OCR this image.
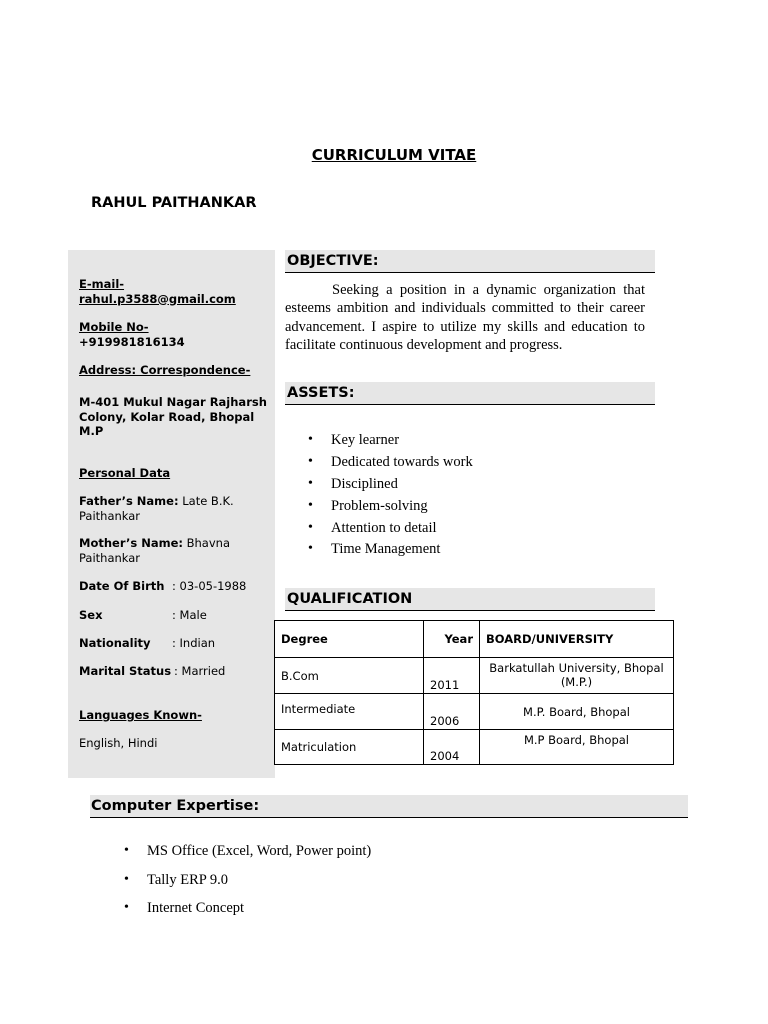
CURRICULUM VITAE
RAHUL PAITHANKAR
E-mail-
rahul.p3588@gmail.com
Mobile No-
+919981816134
Address: Correspondence-
M-401 Mukul Nagar Rajharsh
Colony, Kolar Road, Bhopal
M.P
Personal Data
Father’s Name: Late B.K.
Paithankar
Mother’s Name: Bhavna
Paithankar
Date Of Birth : 03-05-1988
Sex	: Male
Nationality : Indian
Marital Status : Married
Languages Known-
English, Hindi
OBJECTIVE:
Seeking a position in a dynamic organization that esteems ambition and individuals committed to their career advancement. I aspire to utilize my skills and education to facilitate continuous development and progress.
ASSETS:
• Key learner
• Dedicated towards work
• Disciplined
• Problem-solving
• Attention to detail
• Time Management
QUALIFICATION
Degree	Year	BOARD/UNIVERSITY
B.Com	2011	Barkatullah University, Bhopal
(M.P.)

Intermediate	2006	M.P. Board, Bhopal
Matriculation	2004	M.P Board, Bhopal
Computer Expertise:
• MS Office (Excel, Word, Power point)
• Tally ERP 9.0
• Internet Concept
